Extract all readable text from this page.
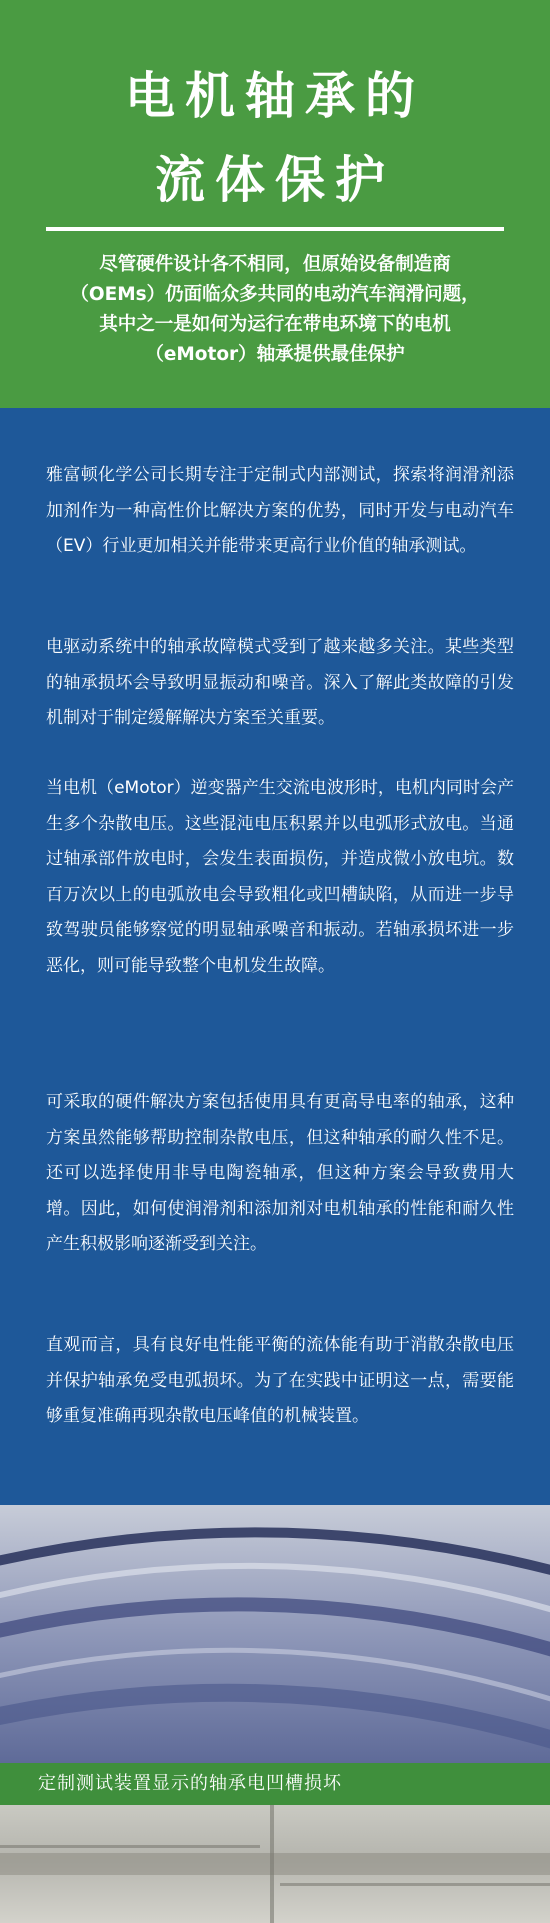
电机轴承的
流体保护
尽管硬件设计各不相同，但原始设备制造商
（OEMs）仍面临众多共同的电动汽车润滑问题，
其中之一是如何为运行在带电环境下的电机
（eMotor）轴承提供最佳保护

雅富顿化学公司长期专注于定制式内部测试，探索将润滑剂添加剂作为一种高性价比解决方案的优势，同时开发与电动汽车（EV）行业更加相关并能带来更高行业价值的轴承测试。

电驱动系统中的轴承故障模式受到了越来越多关注。某些类型的轴承损坏会导致明显振动和噪音。深入了解此类故障的引发机制对于制定缓解解决方案至关重要。

当电机（eMotor）逆变器产生交流电波形时，电机内同时会产生多个杂散电压。这些混沌电压积累并以电弧形式放电。当通过轴承部件放电时，会发生表面损伤，并造成微小放电坑。数百万次以上的电弧放电会导致粗化或凹槽缺陷，从而进一步导致驾驶员能够察觉的明显轴承噪音和振动。若轴承损坏进一步恶化，则可能导致整个电机发生故障。

可采取的硬件解决方案包括使用具有更高导电率的轴承，这种方案虽然能够帮助控制杂散电压，但这种轴承的耐久性不足。还可以选择使用非导电陶瓷轴承，但这种方案会导致费用大增。因此，如何使润滑剂和添加剂对电机轴承的性能和耐久性产生积极影响逐渐受到关注。

直观而言，具有良好电性能平衡的流体能有助于消散杂散电压并保护轴承免受电弧损坏。为了在实践中证明这一点，需要能够重复准确再现杂散电压峰值的机械装置。

定制测试装置显示的轴承电凹槽损坏
